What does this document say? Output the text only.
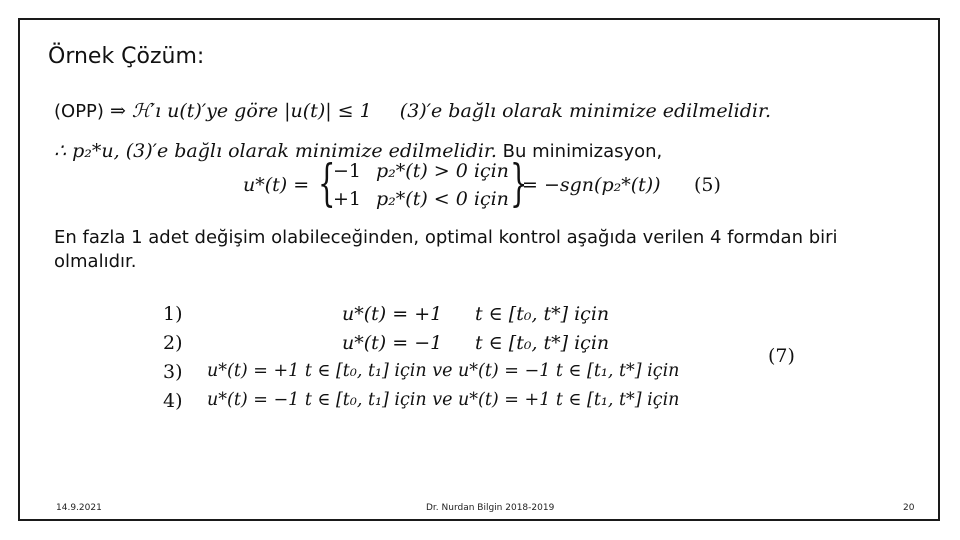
Örnek Çözüm:
(OPP) ⇒ ℋ′ı u(t)′ye göre |u(t)| ≤ 1 (3)′e bağlı olarak minimize edilmelidir.
∴ p₂*u, (3)′e bağlı olarak minimize edilmelidir. Bu minimizasyon,
u*(t) = {
−1 p₂*(t) > 0 için
+1 p₂*(t) < 0 için }
= −sgn(p₂*(t)) (5)
En fazla 1 adet değişim olabileceğinden, optimal kontrol aşağıda verilen 4 formdan biri olmalıdır.
1)	u*(t) = +1 t ∈ [t₀, t*] için
2)	u*(t) = −1 t ∈ [t₀, t*] için
3) u*(t) = +1 t ∈ [t₀, t₁] için ve u*(t) = −1 t ∈ [t₁, t*] için
4) u*(t) = −1 t ∈ [t₀, t₁] için ve u*(t) = +1 t ∈ [t₁, t*] için
(7)
14.9.2021	Dr. Nurdan Bilgin 2018-2019	20
